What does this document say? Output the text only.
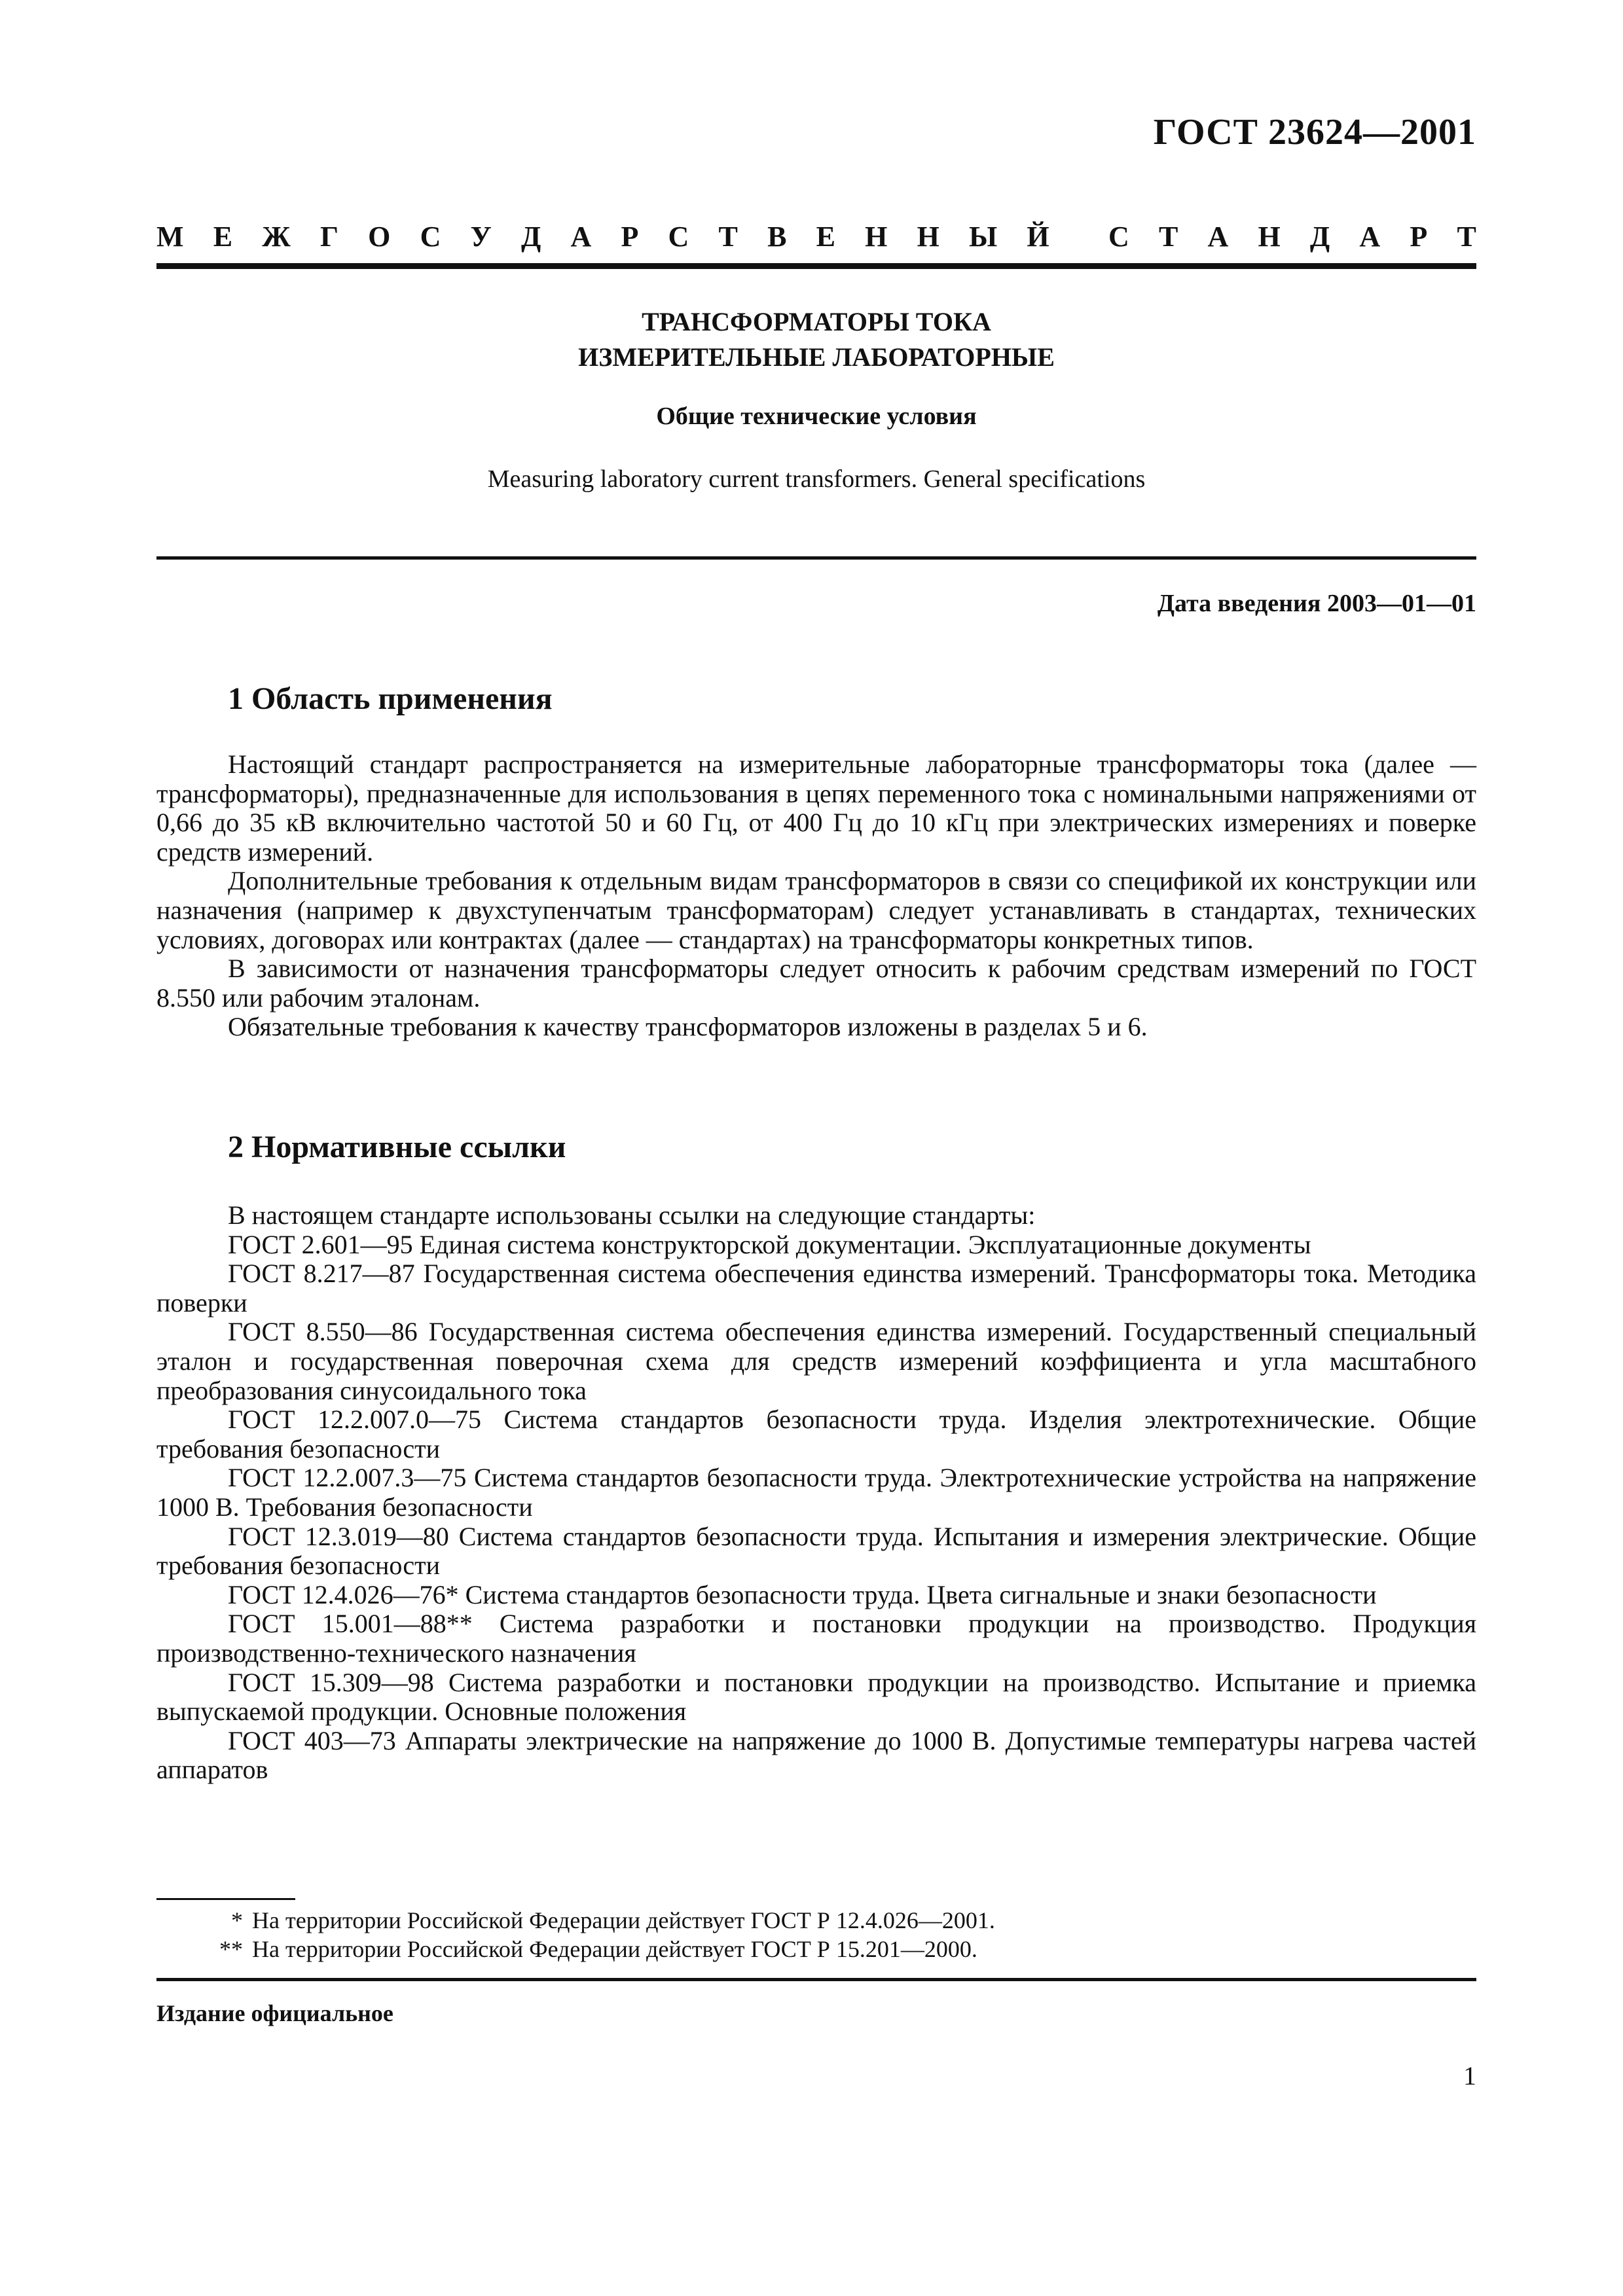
ГОСТ 23624—2001
М Е Ж Г О С У Д А Р С Т В Е Н Н Ы Й С Т А Н Д А Р Т
ТРАНСФОРМАТОРЫ ТОКА
ИЗМЕРИТЕЛЬНЫЕ ЛАБОРАТОРНЫЕ
Общие технические условия
Measuring laboratory current transformers. General specifications
Дата введения 2003—01—01
1 Область применения

Настоящий стандарт распространяется на измерительные лабораторные трансформаторы тока (далее — трансформаторы), предназначенные для использования в цепях переменного тока с номинальными напряжениями от 0,66 до 35 кВ включительно частотой 50 и 60 Гц, от 400 Гц до 10 кГц при электрических измерениях и поверке средств измерений.

Дополнительные требования к отдельным видам трансформаторов в связи со спецификой их конструкции или назначения (например к двухступенчатым трансформаторам) следует устанавливать в стандартах, технических условиях, договорах или контрактах (далее — стандартах) на трансформаторы конкретных типов.

В зависимости от назначения трансформаторы следует относить к рабочим средствам измерений по ГОСТ 8.550 или рабочим эталонам.

Обязательные требования к качеству трансформаторов изложены в разделах 5 и 6.

2 Нормативные ссылки

В настоящем стандарте использованы ссылки на следующие стандарты:

ГОСТ 2.601—95 Единая система конструкторской документации. Эксплуатационные документы

ГОСТ 8.217—87 Государственная система обеспечения единства измерений. Трансформаторы тока. Методика поверки

ГОСТ 8.550—86 Государственная система обеспечения единства измерений. Государственный специальный эталон и государственная поверочная схема для средств измерений коэффициента и угла масштабного преобразования синусоидального тока

ГОСТ 12.2.007.0—75 Система стандартов безопасности труда. Изделия электротехнические. Общие требования безопасности

ГОСТ 12.2.007.3—75 Система стандартов безопасности труда. Электротехнические устройства на напряжение 1000 В. Требования безопасности

ГОСТ 12.3.019—80 Система стандартов безопасности труда. Испытания и измерения электрические. Общие требования безопасности

ГОСТ 12.4.026—76* Система стандартов безопасности труда. Цвета сигнальные и знаки безопасности

ГОСТ 15.001—88** Система разработки и постановки продукции на производство. Продукция производственно-технического назначения

ГОСТ 15.309—98 Система разработки и постановки продукции на производство. Испытание и приемка выпускаемой продукции. Основные положения

ГОСТ 403—73 Аппараты электрические на напряжение до 1000 В. Допустимые температуры нагрева частей аппаратов

* На территории Российской Федерации действует ГОСТ Р 12.4.026—2001.
** На территории Российской Федерации действует ГОСТ Р 15.201—2000.
Издание официальное
1
